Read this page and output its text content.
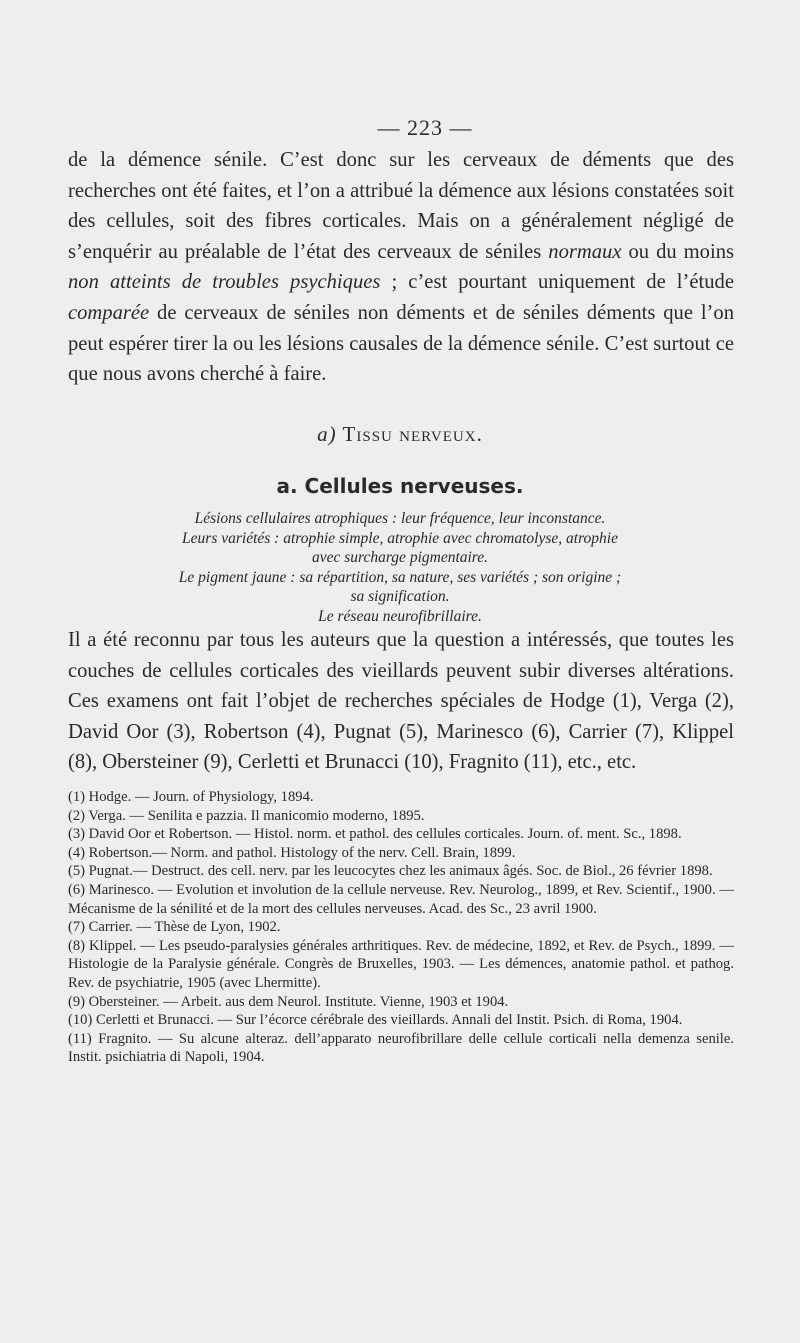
— 223 —

de la démence sénile. C’est donc sur les cerveaux de déments que des recherches ont été faites, et l’on a attribué la démence aux lésions constatées soit des cellules, soit des fibres corticales. Mais on a généralement négligé de s’enquérir au préalable de l’état des cerveaux de séniles normaux ou du moins non atteints de troubles psychiques ; c’est pourtant uniquement de l’étude comparée de cerveaux de séniles non déments et de séniles déments que l’on peut espérer tirer la ou les lésions causales de la démence sénile. C’est surtout ce que nous avons cherché à faire.

a) Tissu nerveux.
a. Cellules nerveuses.
Lésions cellulaires atrophiques : leur fréquence, leur inconstance.
Leurs variétés : atrophie simple, atrophie avec chromatolyse, atrophie
avec surcharge pigmentaire.
Le pigment jaune : sa répartition, sa nature, ses variétés ; son origine ;
sa signification.
Le réseau neurofibrillaire.

Il a été reconnu par tous les auteurs que la question a intéressés, que toutes les couches de cellules corticales des vieillards peuvent subir diverses altérations. Ces examens ont fait l’objet de recherches spéciales de Hodge (1), Verga (2), David Oor (3), Robertson (4), Pugnat (5), Marinesco (6), Carrier (7), Klippel (8), Obersteiner (9), Cerletti et Brunacci (10), Fragnito (11), etc., etc.

(1) Hodge. — Journ. of Physiology, 1894.

(2) Verga. — Senilita e pazzia. Il manicomio moderno, 1895.

(3) David Oor et Robertson. — Histol. norm. et pathol. des cellules corticales. Journ. of. ment. Sc., 1898.

(4) Robertson.— Norm. and pathol. Histology of the nerv. Cell. Brain, 1899.

(5) Pugnat.— Destruct. des cell. nerv. par les leucocytes chez les animaux âgés. Soc. de Biol., 26 février 1898.

(6) Marinesco. — Evolution et involution de la cellule nerveuse. Rev. Neurolog., 1899, et Rev. Scientif., 1900. — Mécanisme de la sénilité et de la mort des cellules nerveuses. Acad. des Sc., 23 avril 1900.

(7) Carrier. — Thèse de Lyon, 1902.

(8) Klippel. — Les pseudo-paralysies générales arthritiques. Rev. de médecine, 1892, et Rev. de Psych., 1899. — Histologie de la Paralysie générale. Congrès de Bruxelles, 1903. — Les démences, anatomie pathol. et pathog. Rev. de psychiatrie, 1905 (avec Lhermitte).

(9) Obersteiner. — Arbeit. aus dem Neurol. Institute. Vienne, 1903 et 1904.

(10) Cerletti et Brunacci. — Sur l’écorce cérébrale des vieillards. Annali del Instit. Psich. di Roma, 1904.

(11) Fragnito. — Su alcune alteraz. dell’apparato neurofibrillare delle cellule corticali nella demenza senile. Instit. psichiatria di Napoli, 1904.
